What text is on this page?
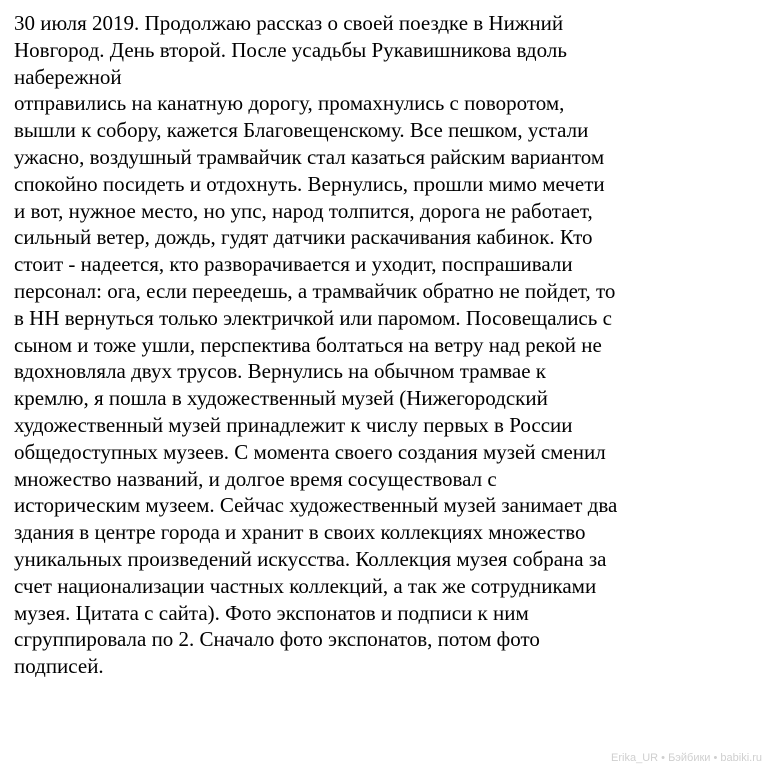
30 июля 2019. Продолжаю рассказ о своей поездке в Нижний
Новгород. День второй. После усадьбы Рукавишникова вдоль
набережной
отправились на канатную дорогу, промахнулись с поворотом,
вышли к собору, кажется Благовещенскому. Все пешком, устали
ужасно, воздушный трамвайчик стал казаться райским вариантом
спокойно посидеть и отдохнуть. Вернулись, прошли мимо мечети
и вот, нужное место, но упс, народ толпится, дорога не работает,
сильный ветер, дождь, гудят датчики раскачивания кабинок. Кто
стоит - надеется, кто разворачивается и уходит, поспрашивали
персонал: ога, если переедешь, а трамвайчик обратно не пойдет, то
в НН вернуться только электричкой или паромом. Посовещались с
сыном и тоже ушли, перспектива болтаться на ветру над рекой не
вдохновляла двух трусов. Вернулись на обычном трамвае к
кремлю, я пошла в художественный музей (Нижегородский
художественный музей принадлежит к числу первых в России
общедоступных музеев. С момента своего создания музей сменил
множество названий, и долгое время сосуществовал с
историческим музеем. Сейчас художественный музей занимает два
здания в центре города и хранит в своих коллекциях множество
уникальных произведений искусства. Коллекция музея собрана за
счет национализации частных коллекций, а так же сотрудниками
музея. Цитата с сайта). Фото экспонатов и подписи к ним
сгруппировала по 2. Сначало фото экспонатов, потом фото
подписей.
Erika_UR • Бэйбики • babiki.ru
